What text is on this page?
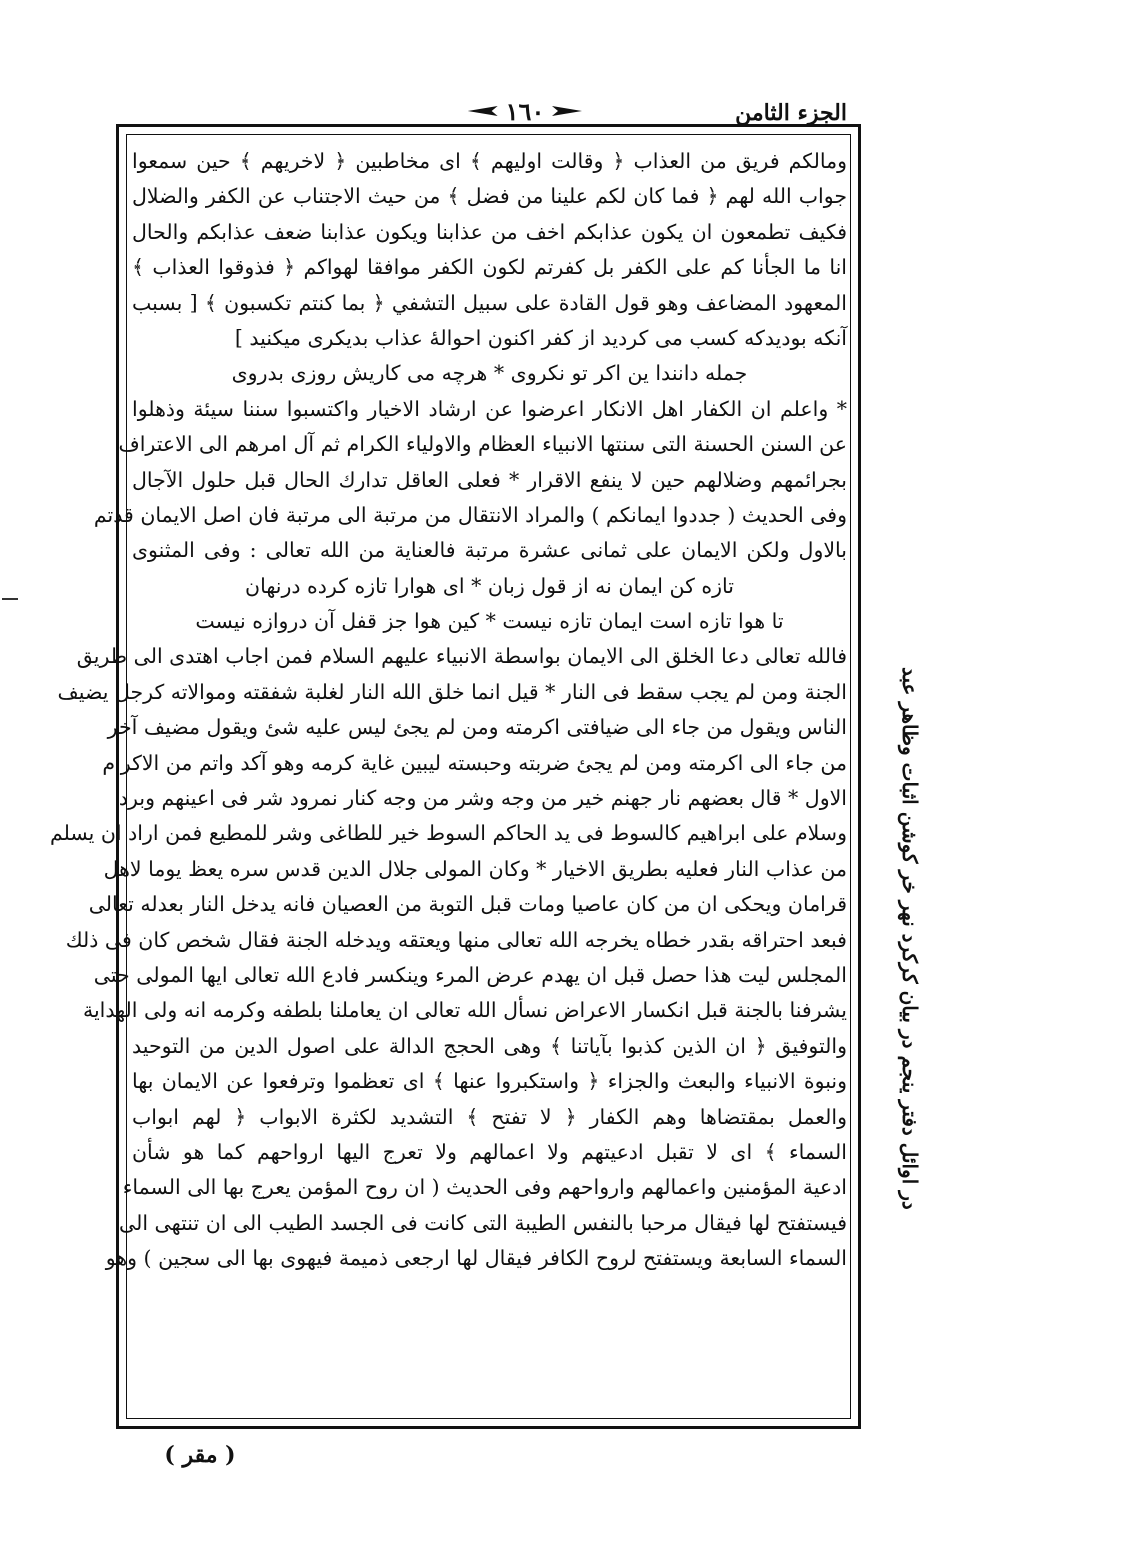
الجزء الثامن
١٦٠
ومالكم فريق من العذاب ﴿ وقالت اولیهم ﴾ ای مخاطبين ﴿ لاخريهم ﴾ حين سمعوا
جواب الله لهم ﴿ فما كان لكم علينا من فضل ﴾ من حيث الاجتناب عن الكفر والضلال
فكيف تطمعون ان يكون عذابكم اخف من عذابنا ويكون عذابنا ضعف عذابكم والحال
انا ما الجأنا كم على الكفر بل كفرتم لكون الكفر موافقا لهواكم ﴿ فذوقوا العذاب ﴾
المعهود المضاعف وهو قول القادة على سبيل التشفي ﴿ بما كنتم تكسبون ﴾ [ بسبب
آنكه بوديدكه كسب مى كرديد از كفر اكنون احوالهٔ عذاب بديكرى ميكنيد ]
جمله دانندا ين اكر تو نكروى * هرچه مى كاريش روزى بدروى
* واعلم ان الكفار اهل الانكار اعرضوا عن ارشاد الاخيار واكتسبوا سننا سيئة وذهلوا
عن السنن الحسنة التى سنتها الانبياء العظام والاولياء الكرام ثم آل امرهم الى الاعتراف
بجرائمهم وضلالهم حين لا ينفع الاقرار * فعلى العاقل تدارك الحال قبل حلول الآجال
وفى الحديث ( جددوا ايمانكم ) والمراد الانتقال من مرتبة الى مرتبة فان اصل الايمان قدتم
بالاول ولكن الايمان على ثمانى عشرة مرتبة فالعناية من الله تعالى : وفى المثنوى
تازه كن ايمان نه از قول زبان * اى هوارا تازه كرده درنهان
تا هوا تازه است ايمان تازه نيست * كين هوا جز قفل آن دروازه نيست
فالله تعالى دعا الخلق الى الايمان بواسطة الانبياء عليهم السلام فمن اجاب اهتدى الى طريق
الجنة ومن لم يجب سقط فى النار * قيل انما خلق الله النار لغلبة شفقته وموالاته كرجل يضيف
الناس ويقول من جاء الى ضيافتى اكرمته ومن لم يجئ ليس عليه شئ ويقول مضيف آخر
من جاء الى اكرمته ومن لم يجئ ضربته وحبسته ليبين غاية كرمه وهو آكد واتم من الاكرام
الاول * قال بعضهم نار جهنم خير من وجه وشر من وجه كنار نمرود شر فى اعينهم وبرد
وسلام على ابراهيم كالسوط فى يد الحاكم السوط خير للطاغى وشر للمطيع فمن اراد ان يسلم
من عذاب النار فعليه بطريق الاخيار * وكان المولى جلال الدين قدس سره يعظ يوما لاهل
قرامان ويحكى ان من كان عاصيا ومات قبل التوبة من العصيان فانه يدخل النار بعدله تعالى
فبعد احتراقه بقدر خطاه يخرجه الله تعالى منها ويعتقه ويدخله الجنة فقال شخص كان فى ذلك
المجلس ليت هذا حصل قبل ان يهدم عرض المرء وينكسر فادع الله تعالى ايها المولى حتى
يشرفنا بالجنة قبل انكسار الاعراض نسأل الله تعالى ان يعاملنا بلطفه وكرمه انه ولى الهداية
والتوفيق ﴿ ان الذين كذبوا بآياتنا ﴾ وهى الحجج الدالة على اصول الدين من التوحيد
ونبوة الانبياء والبعث والجزاء ﴿ واستكبروا عنها ﴾ اى تعظموا وترفعوا عن الايمان بها
والعمل بمقتضاها وهم الكفار ﴿ لا تفتح ﴾ التشديد لكثرة الابواب ﴿ لهم ابواب
السماء ﴾ اى لا تقبل ادعيتهم ولا اعمالهم ولا تعرج اليها ارواحهم كما هو شأن
ادعية المؤمنين واعمالهم وارواحهم وفى الحديث ( ان روح المؤمن يعرج بها الى السماء
فيستفتح لها فيقال مرحبا بالنفس الطيبة التى كانت فى الجسد الطيب الى ان تنتهى الى
السماء السابعة ويستفتح لروح الكافر فيقال لها ارجعى ذميمة فيهوى بها الى سجين ) وهو
در اوائل دفتر ینجم در بیان کرکرد نهر خر کوشن اثبات وظاهر عبد
( مقر )
